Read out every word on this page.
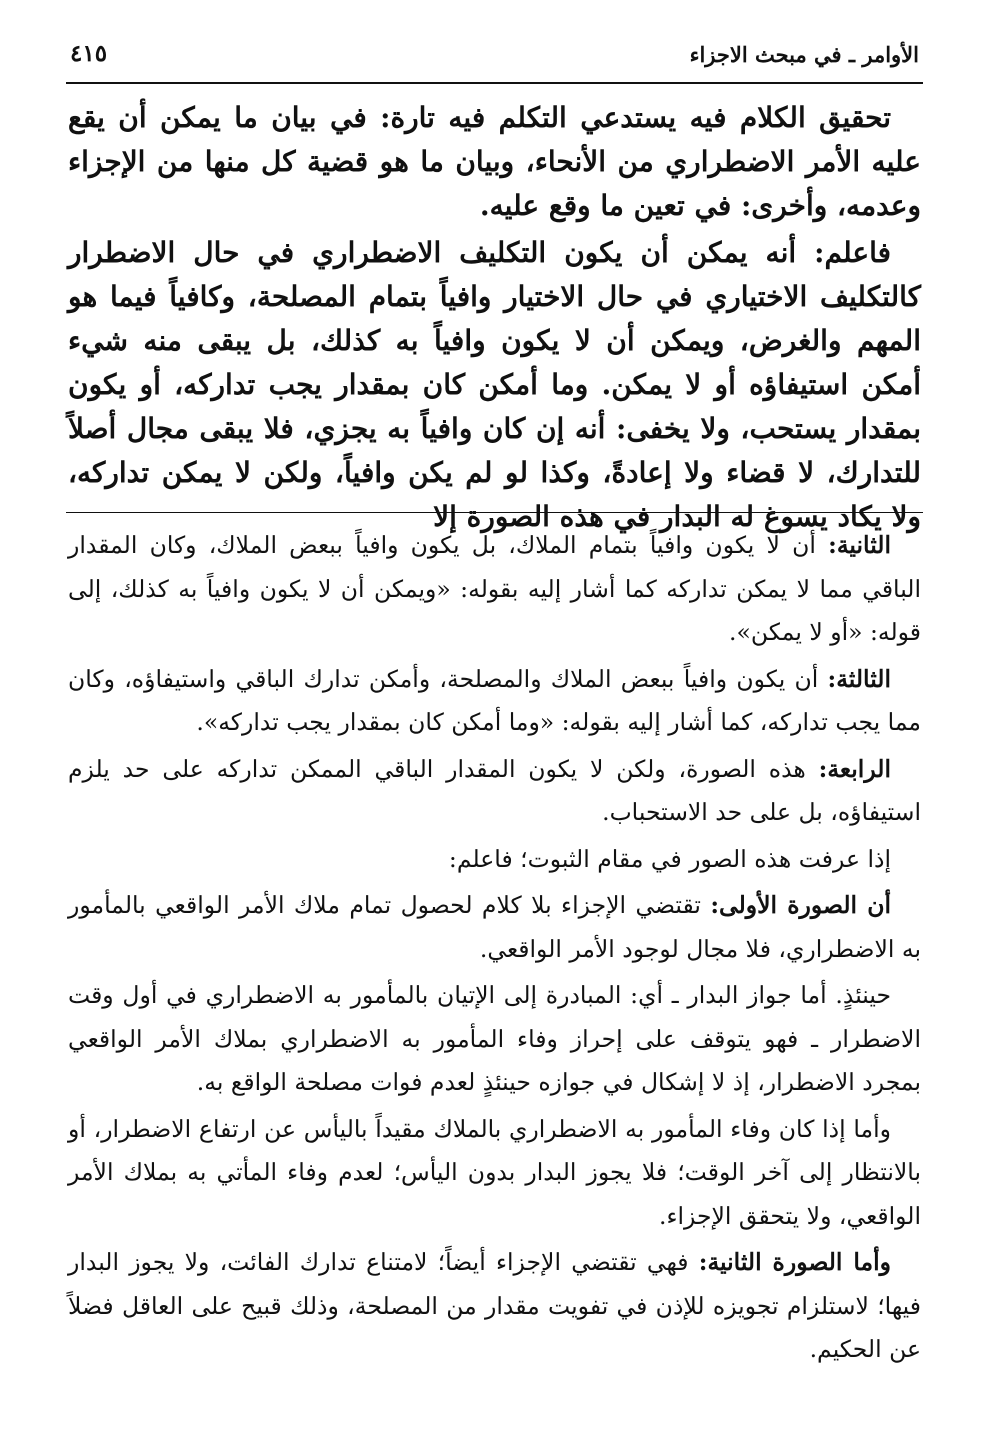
الأوامر ـ في مبحث الاجزاء
٤١٥

تحقيق الكلام فيه يستدعي التكلم فيه تارة: في بيان ما يمكن أن يقع عليه الأمر الاضطراري من الأنحاء، وبيان ما هو قضية كل منها من الإجزاء وعدمه، وأخرى: في تعين ما وقع عليه.

فاعلم: أنه يمكن أن يكون التكليف الاضطراري في حال الاضطرار كالتكليف الاختياري في حال الاختيار وافياً بتمام المصلحة، وكافياً فيما هو المهم والغرض، ويمكن أن لا يكون وافياً به كذلك، بل يبقى منه شيء أمكن استيفاؤه أو لا يمكن. وما أمكن كان بمقدار يجب تداركه، أو يكون بمقدار يستحب، ولا يخفى: أنه إن كان وافياً به يجزي، فلا يبقى مجال أصلاً للتدارك، لا قضاء ولا إعادةً، وكذا لو لم يكن وافياً، ولكن لا يمكن تداركه، ولا يكاد يسوغ له البدار في هذه الصورة إلا

الثانية: أن لا يكون وافياً بتمام الملاك، بل يكون وافياً ببعض الملاك، وكان المقدار الباقي مما لا يمكن تداركه كما أشار إليه بقوله: «ويمكن أن لا يكون وافياً به كذلك، إلى قوله: «أو لا يمكن».

الثالثة: أن يكون وافياً ببعض الملاك والمصلحة، وأمكن تدارك الباقي واستيفاؤه، وكان مما يجب تداركه، كما أشار إليه بقوله: «وما أمكن كان بمقدار يجب تداركه».

الرابعة: هذه الصورة، ولكن لا يكون المقدار الباقي الممكن تداركه على حد يلزم استيفاؤه، بل على حد الاستحباب.

إذا عرفت هذه الصور في مقام الثبوت؛ فاعلم:

أن الصورة الأولى: تقتضي الإجزاء بلا كلام لحصول تمام ملاك الأمر الواقعي بالمأمور به الاضطراري، فلا مجال لوجود الأمر الواقعي.

حينئذٍ. أما جواز البدار ـ أي: المبادرة إلى الإتيان بالمأمور به الاضطراري في أول وقت الاضطرار ـ فهو يتوقف على إحراز وفاء المأمور به الاضطراري بملاك الأمر الواقعي بمجرد الاضطرار، إذ لا إشكال في جوازه حينئذٍ لعدم فوات مصلحة الواقع به.

وأما إذا كان وفاء المأمور به الاضطراري بالملاك مقيداً باليأس عن ارتفاع الاضطرار، أو بالانتظار إلى آخر الوقت؛ فلا يجوز البدار بدون اليأس؛ لعدم وفاء المأتي به بملاك الأمر الواقعي، ولا يتحقق الإجزاء.

وأما الصورة الثانية: فهي تقتضي الإجزاء أيضاً؛ لامتناع تدارك الفائت، ولا يجوز البدار فيها؛ لاستلزام تجويزه للإذن في تفويت مقدار من المصلحة، وذلك قبيح على العاقل فضلاً عن الحكيم.
